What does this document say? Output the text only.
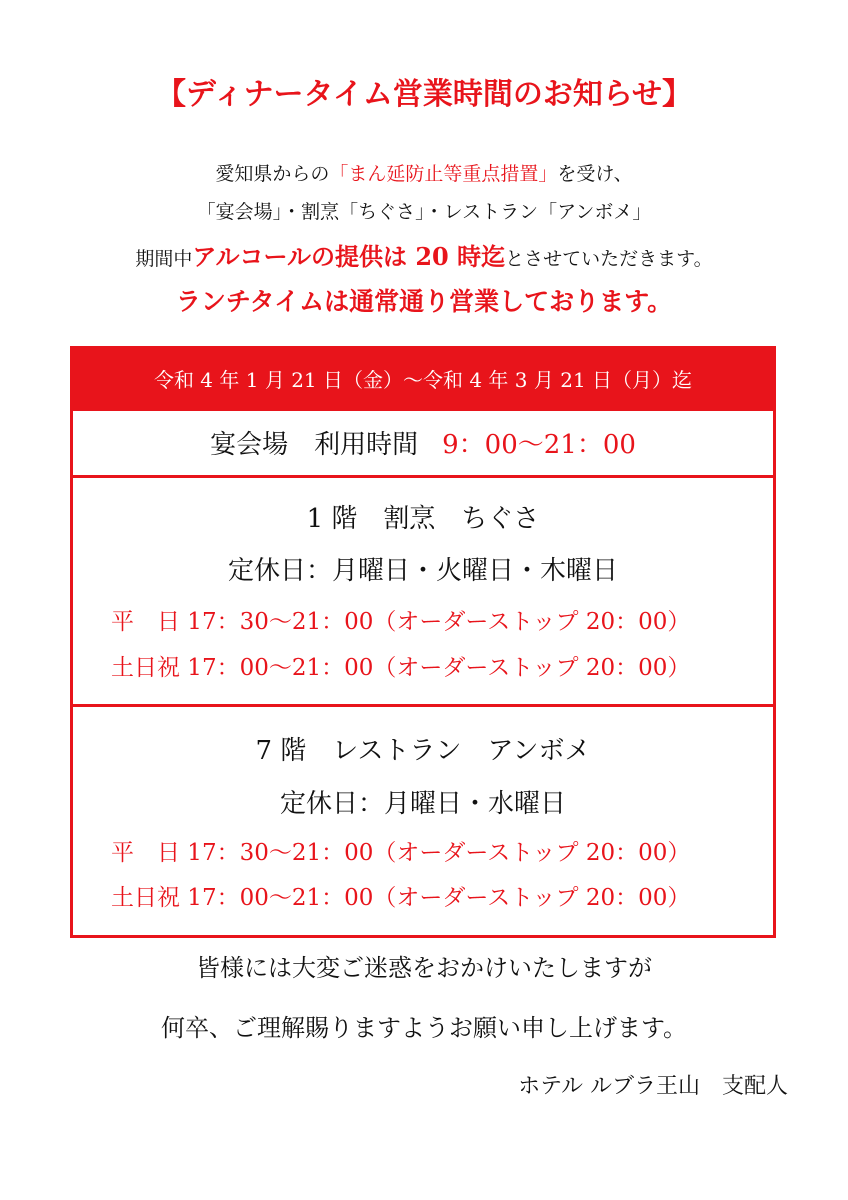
【ディナータイム営業時間のお知らせ】
愛知県からの「まん延防止等重点措置」を受け、
「宴会場」・割烹「ちぐさ」・レストラン「アンボメ」
期間中アルコールの提供は 20 時迄とさせていただきます。
ランチタイムは通常通り営業しております。
令和 4 年 1 月 21 日（金）〜令和 4 年 3 月 21 日（月）迄
宴会場　利用時間 9：00〜21：00
1 階　割烹　ちぐさ
定休日：月曜日・火曜日・木曜日
平　日 17：30〜21：00（オーダーストップ 20：00）
土日祝 17：00〜21：00（オーダーストップ 20：00）
7 階　レストラン　アンボメ
定休日：月曜日・水曜日
平　日 17：30〜21：00（オーダーストップ 20：00）
土日祝 17：00〜21：00（オーダーストップ 20：00）
皆様には大変ご迷惑をおかけいたしますが
何卒、ご理解賜りますようお願い申し上げます。
ホテル ルブラ王山　支配人
